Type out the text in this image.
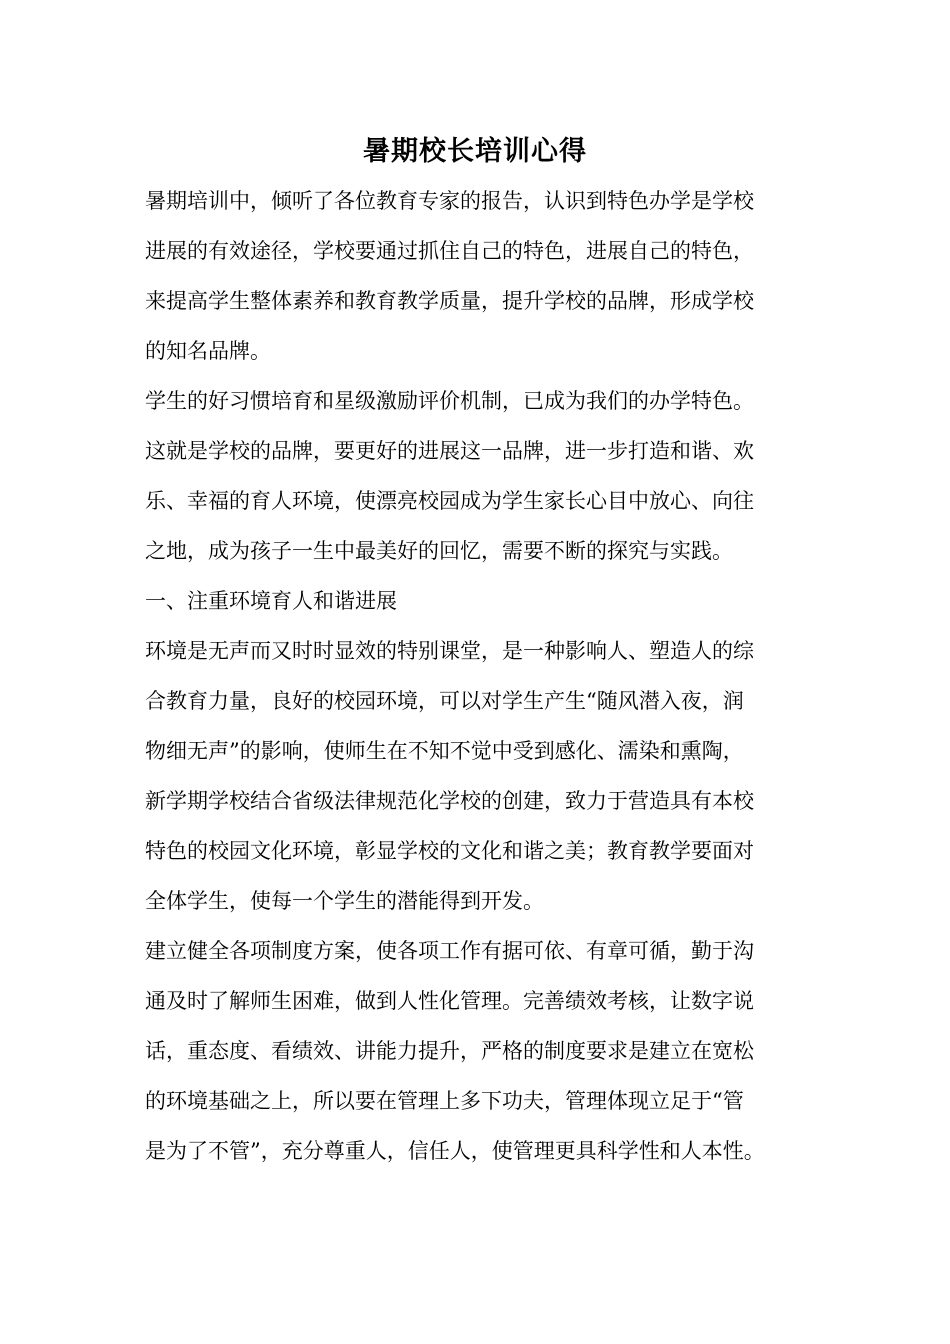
暑期校长培训心得
暑期培训中，倾听了各位教育专家的报告，认识到特色办学是学校
进展的有效途径，学校要通过抓住自己的特色，进展自己的特色，
来提高学生整体素养和教育教学质量，提升学校的品牌，形成学校
的知名品牌。
学生的好习惯培育和星级激励评价机制，已成为我们的办学特色。
这就是学校的品牌，要更好的进展这一品牌，进一步打造和谐、欢
乐、幸福的育人环境，使漂亮校园成为学生家长心目中放心、向往
之地，成为孩子一生中最美好的回忆，需要不断的探究与实践。
一、注重环境育人和谐进展
环境是无声而又时时显效的特别课堂，是一种影响人、塑造人的综
合教育力量，良好的校园环境，可以对学生产生“随风潜入夜，润
物细无声”的影响，使师生在不知不觉中受到感化、濡染和熏陶，
新学期学校结合省级法律规范化学校的创建，致力于营造具有本校
特色的校园文化环境，彰显学校的文化和谐之美；教育教学要面对
全体学生，使每一个学生的潜能得到开发。
建立健全各项制度方案，使各项工作有据可依、有章可循，勤于沟
通及时了解师生困难，做到人性化管理。完善绩效考核，让数字说
话，重态度、看绩效、讲能力提升，严格的制度要求是建立在宽松
的环境基础之上，所以要在管理上多下功夫，管理体现立足于“管
是为了不管”，充分尊重人，信任人，使管理更具科学性和人本性。
